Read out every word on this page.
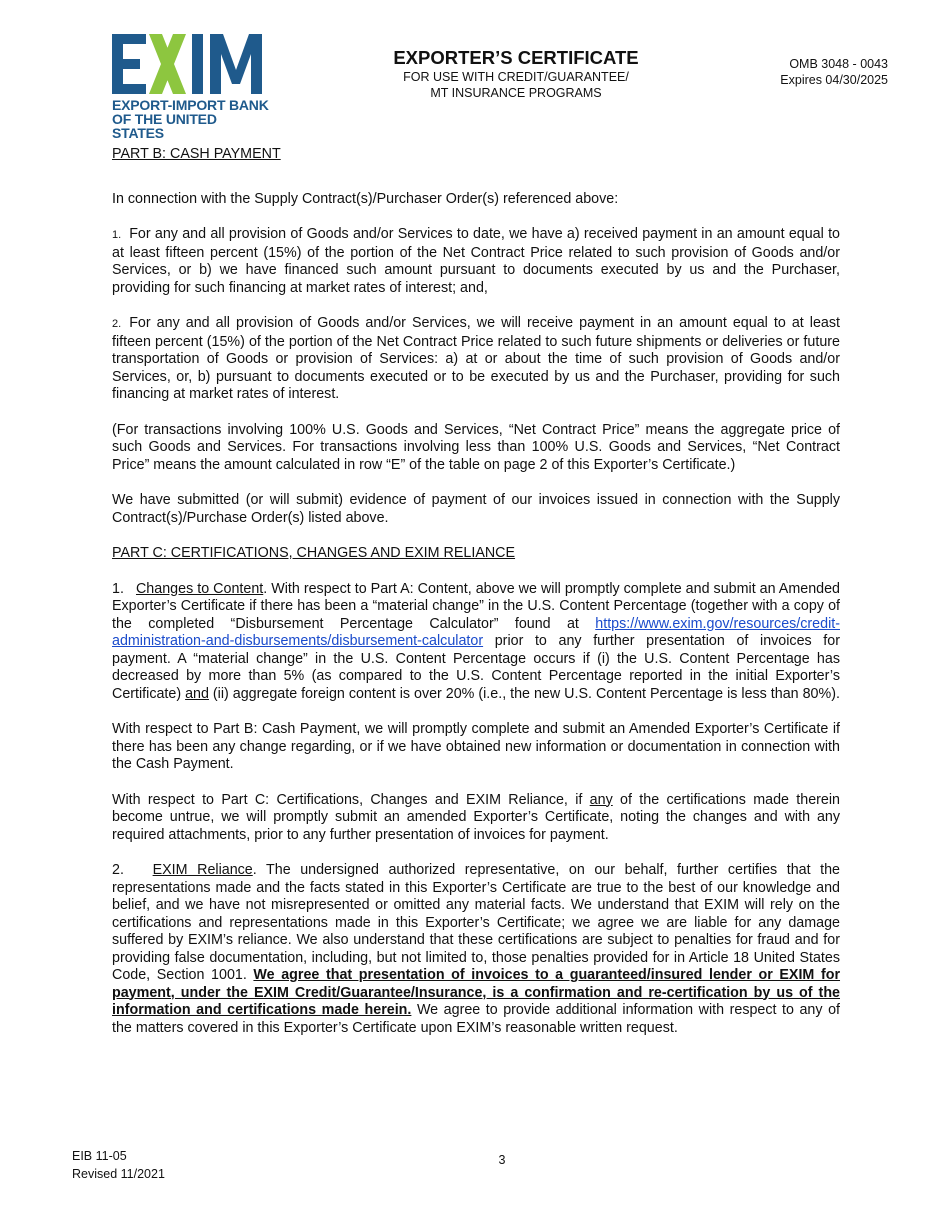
EXPORT-IMPORT BANK
OF THE UNITED STATES
EXPORTER’S CERTIFICATE
FOR USE WITH CREDIT/GUARANTEE/
MT INSURANCE PROGRAMS
OMB 3048 - 0043
Expires 04/30/2025

PART B: CASH PAYMENT

In connection with the Supply Contract(s)/Purchaser Order(s) referenced above:

1. For any and all provision of Goods and/or Services to date, we have a) received payment in an amount equal to at least fifteen percent (15%) of the portion of the Net Contract Price related to such provision of Goods and/or Services, or b) we have financed such amount pursuant to documents executed by us and the Purchaser, providing for such financing at market rates of interest; and,

2. For any and all provision of Goods and/or Services, we will receive payment in an amount equal to at least fifteen percent (15%) of the portion of the Net Contract Price related to such future shipments or deliveries or future transportation of Goods or provision of Services: a) at or about the time of such provision of Goods and/or Services, or, b) pursuant to documents executed or to be executed by us and the Purchaser, providing for such financing at market rates of interest.

(For transactions involving 100% U.S. Goods and Services, “Net Contract Price” means the aggregate price of such Goods and Services. For transactions involving less than 100% U.S. Goods and Services, “Net Contract Price” means the amount calculated in row “E” of the table on page 2 of this Exporter’s Certificate.)

We have submitted (or will submit) evidence of payment of our invoices issued in connection with the Supply Contract(s)/Purchase Order(s) listed above.

PART C: CERTIFICATIONS, CHANGES AND EXIM RELIANCE

1. Changes to Content. With respect to Part A: Content, above we will promptly complete and submit an Amended Exporter’s Certificate if there has been a “material change” in the U.S. Content Percentage (together with a copy of the completed “Disbursement Percentage Calculator” found at https://www.exim.gov/resources/credit-administration-and-disbursements/disbursement-calculator prior to any further presentation of invoices for payment. A “material change” in the U.S. Content Percentage occurs if (i) the U.S. Content Percentage has decreased by more than 5% (as compared to the U.S. Content Percentage reported in the initial Exporter’s Certificate) and (ii) aggregate foreign content is over 20% (i.e., the new U.S. Content Percentage is less than 80%).

With respect to Part B: Cash Payment, we will promptly complete and submit an Amended Exporter’s Certificate if there has been any change regarding, or if we have obtained new information or documentation in connection with the Cash Payment.

With respect to Part C: Certifications, Changes and EXIM Reliance, if any of the certifications made therein become untrue, we will promptly submit an amended Exporter’s Certificate, noting the changes and with any required attachments, prior to any further presentation of invoices for payment.

2. EXIM Reliance. The undersigned authorized representative, on our behalf, further certifies that the representations made and the facts stated in this Exporter’s Certificate are true to the best of our knowledge and belief, and we have not misrepresented or omitted any material facts. We understand that EXIM will rely on the certifications and representations made in this Exporter’s Certificate; we agree we are liable for any damage suffered by EXIM’s reliance. We also understand that these certifications are subject to penalties for fraud and for providing false documentation, including, but not limited to, those penalties provided for in Article 18 United States Code, Section 1001. We agree that presentation of invoices to a guaranteed/insured lender or EXIM for payment, under the EXIM Credit/Guarantee/Insurance, is a confirmation and re-certification by us of the information and certifications made herein. We agree to provide additional information with respect to any of the matters covered in this Exporter’s Certificate upon EXIM’s reasonable written request.

EIB 11-05
Revised 11/2021
3
